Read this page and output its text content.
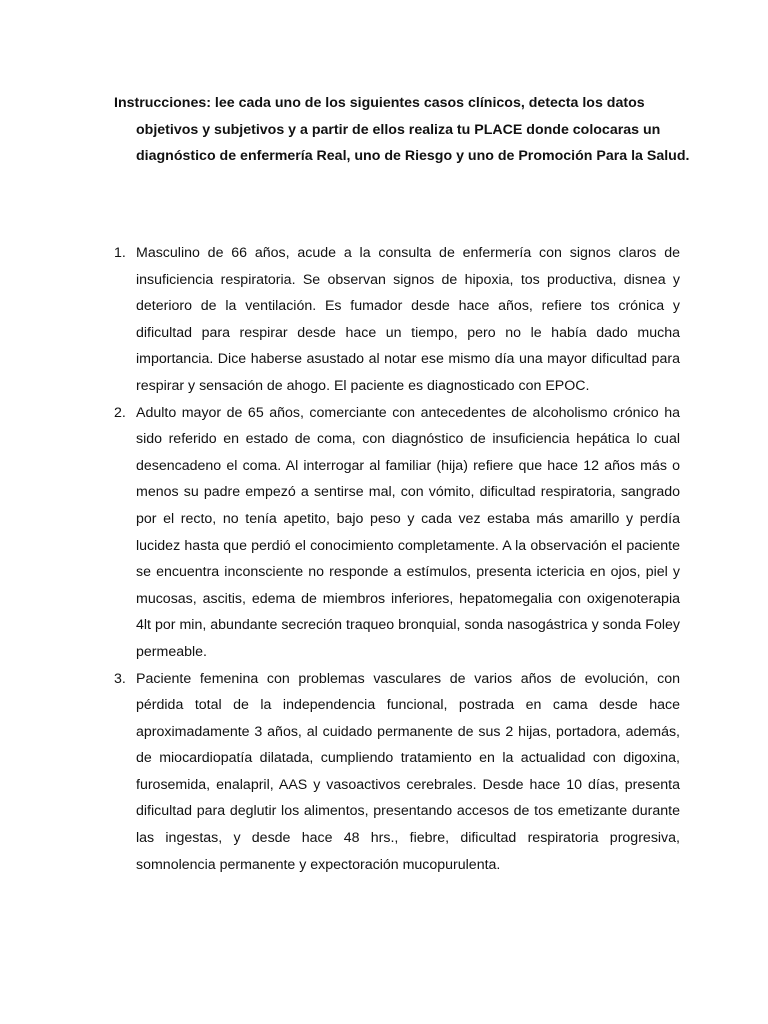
Instrucciones: lee cada uno de los siguientes casos clínicos, detecta los datos objetivos y subjetivos y a partir de ellos realiza tu PLACE donde colocaras un diagnóstico de enfermería Real, uno de Riesgo y uno de Promoción Para la Salud.

1. Masculino de 66 años, acude a la consulta de enfermería con signos claros de insuficiencia respiratoria. Se observan signos de hipoxia, tos productiva, disnea y deterioro de la ventilación. Es fumador desde hace años, refiere tos crónica y dificultad para respirar desde hace un tiempo, pero no le había dado mucha importancia. Dice haberse asustado al notar ese mismo día una mayor dificultad para respirar y sensación de ahogo. El paciente es diagnosticado con EPOC.
2. Adulto mayor de 65 años, comerciante con antecedentes de alcoholismo crónico ha sido referido en estado de coma, con diagnóstico de insuficiencia hepática lo cual desencadeno el coma. Al interrogar al familiar (hija) refiere que hace 12 años más o menos su padre empezó a sentirse mal, con vómito, dificultad respiratoria, sangrado por el recto, no tenía apetito, bajo peso y cada vez estaba más amarillo y perdía lucidez hasta que perdió el conocimiento completamente. A la observación el paciente se encuentra inconsciente no responde a estímulos, presenta ictericia en ojos, piel y mucosas, ascitis, edema de miembros inferiores, hepatomegalia con oxigenoterapia 4lt por min, abundante secreción traqueo bronquial, sonda nasogástrica y sonda Foley permeable.
3. Paciente femenina con problemas vasculares de varios años de evolución, con pérdida total de la independencia funcional, postrada en cama desde hace aproximadamente 3 años, al cuidado permanente de sus 2 hijas, portadora, además, de miocardiopatía dilatada, cumpliendo tratamiento en la actualidad con digoxina, furosemida, enalapril, AAS y vasoactivos cerebrales. Desde hace 10 días, presenta dificultad para deglutir los alimentos, presentando accesos de tos emetizante durante las ingestas, y desde hace 48 hrs., fiebre, dificultad respiratoria progresiva, somnolencia permanente y expectoración mucopurulenta.
